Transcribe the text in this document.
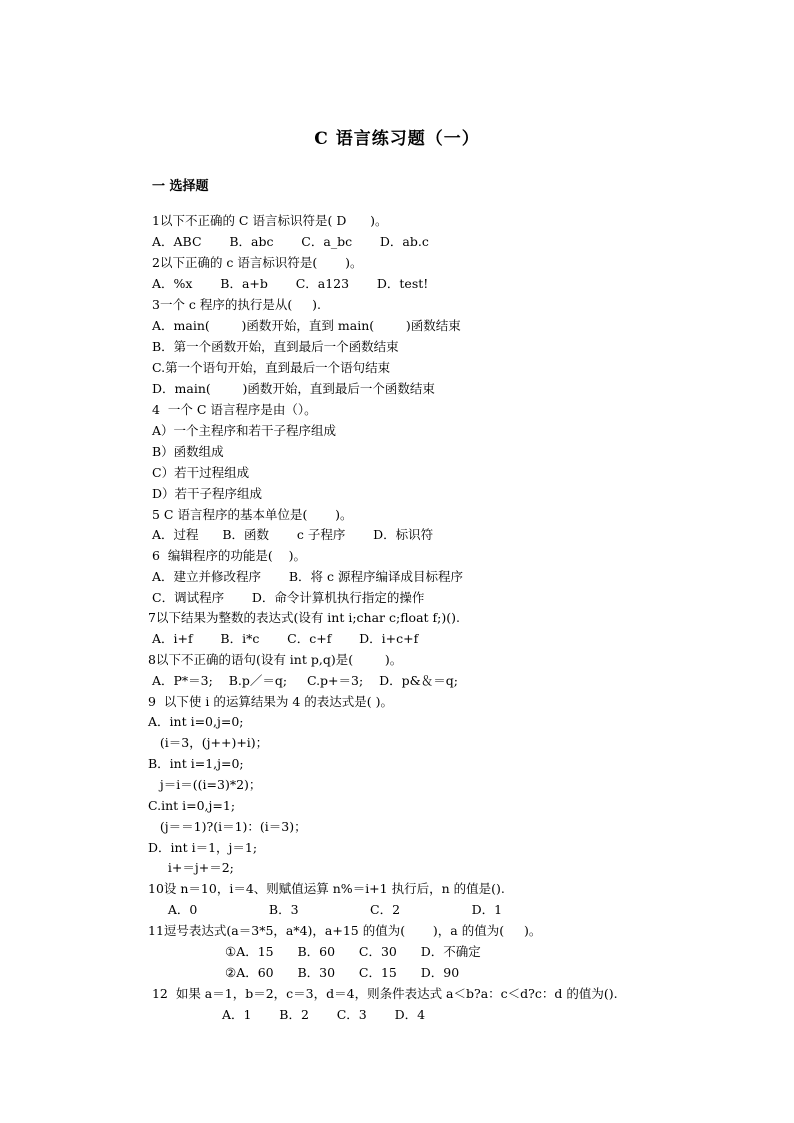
C 语言练习题（一）
一 选择题
1以下不正确的 C 语言标识符是( D      )。
A．ABC       B．abc       C．a_bc       D．ab.c
2以下正确的 c 语言标识符是(       )。
A．%x       B．a+b       C．a123       D．test!
3一个 c 程序的执行是从(     ).
A．main(        )函数开始，直到 main(        )函数结束
B．第一个函数开始，直到最后一个函数结束
C.第一个语句开始，直到最后一个语句结束
D．main(        )函数开始，直到最后一个函数结束
4  一个 C 语言程序是由（）。
A）一个主程序和若干子程序组成
B）函数组成
C）若干过程组成
D）若干子程序组成
5 C 语言程序的基本单位是(       )。
A．过程      B．函数       c 子程序       D．标识符
6  编辑程序的功能是(    )。
A．建立并修改程序       B．将 c 源程序编译成目标程序
C．调试程序       D．命令计算机执行指定的操作
7以下结果为整数的表达式(设有 int i;char c;float f;)().
A．i+f       B．i*c       C．c+f       D．i+c+f
8以下不正确的语句(设有 int p,q)是(        )。
A．P*＝3;    B.p／＝q;     C.p+＝3;    D．p&＆＝q;
9  以下使 i 的运算结果为 4 的表达式是( )。
A．int i=0,j=0;
(i＝3，(j++)+i)；
B．int i=1,j=0;
j＝i＝((i=3)*2)；
C.int i=0,j=1;
(j＝＝1)?(i＝1)：(i＝3)；
D．int i＝1，j＝1;
i+＝j+＝2;
10设 n＝10，i＝4、则赋值运算 n%＝i+1 执行后，n 的值是().
A．0                  B．3                  C．2                  D．1
11逗号表达式(a＝3*5，a*4)，a+15 的值为(       )，a 的值为(     )。
①A．15      B．60      C．30      D．不确定
②A．60      B．30      C．15      D．90
12  如果 a＝1，b＝2，c＝3，d＝4，则条件表达式 a＜b?a：c＜d?c：d 的值为().
A．1       B．2       C．3       D．4
